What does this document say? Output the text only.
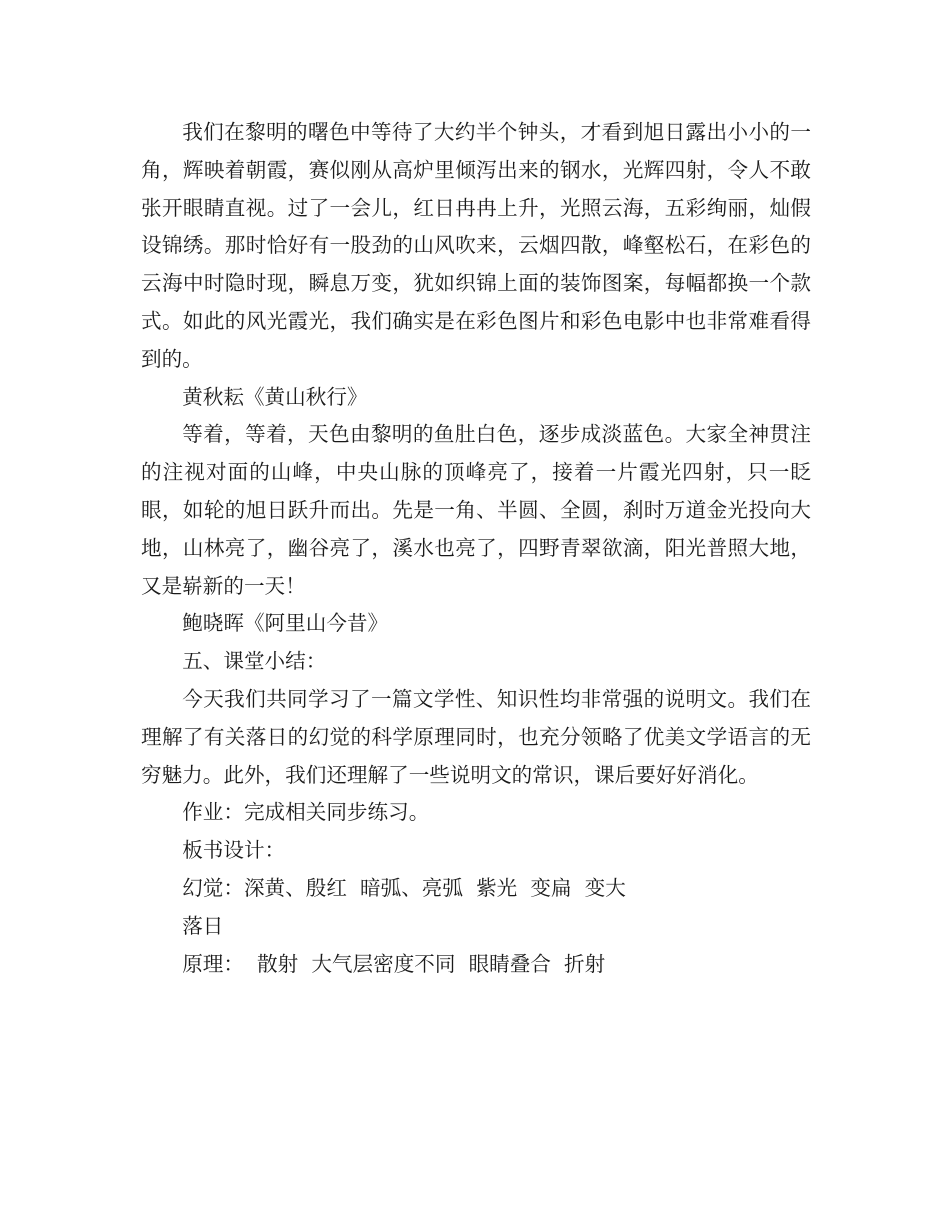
我们在黎明的曙色中等待了大约半个钟头，才看到旭日露出小小的一角，辉映着朝霞，赛似刚从高炉里倾泻出来的钢水，光辉四射，令人不敢张开眼睛直视。过了一会儿，红日冉冉上升，光照云海，五彩绚丽，灿假设锦绣。那时恰好有一股劲的山风吹来，云烟四散，峰壑松石，在彩色的云海中时隐时现，瞬息万变，犹如织锦上面的装饰图案，每幅都换一个款式。如此的风光霞光，我们确实是在彩色图片和彩色电影中也非常难看得到的。

黄秋耘《黄山秋行》

等着，等着，天色由黎明的鱼肚白色，逐步成淡蓝色。大家全神贯注的注视对面的山峰，中央山脉的顶峰亮了，接着一片霞光四射，只一眨眼，如轮的旭日跃升而出。先是一角、半圆、全圆，刹时万道金光投向大地，山林亮了，幽谷亮了，溪水也亮了，四野青翠欲滴，阳光普照大地，又是崭新的一天！

鲍晓晖《阿里山今昔》

五、课堂小结：

今天我们共同学习了一篇文学性、知识性均非常强的说明文。我们在理解了有关落日的幻觉的科学原理同时，也充分领略了优美文学语言的无穷魅力。此外，我们还理解了一些说明文的常识，课后要好好消化。

作业：完成相关同步练习。

板书设计：

幻觉：深黄、殷红  暗弧、亮弧  紫光  变扁  变大

落日

原理：  散射  大气层密度不同  眼睛叠合  折射
